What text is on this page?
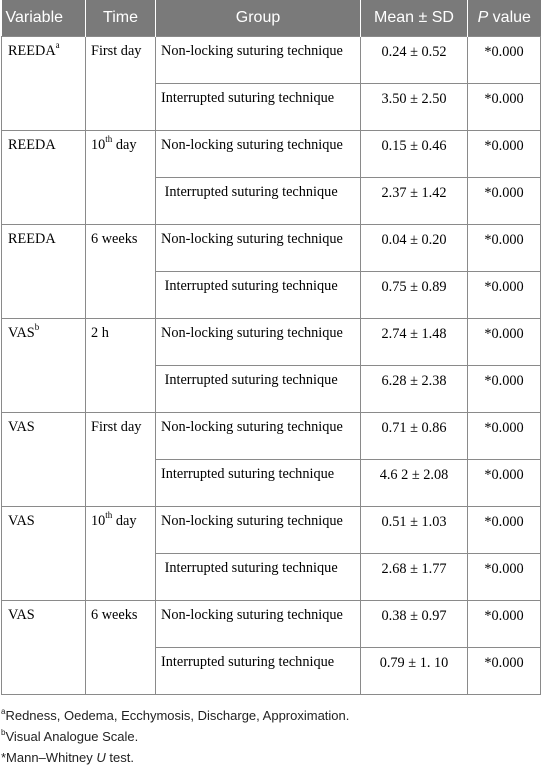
Variable	Time	Group	Mean ± SD	P value
REEDA$^a$	First day	Non-locking suturing technique	0.24 ± 0.52	*0.000
		Interrupted suturing technique	3.50 ± 2.50	*0.000
REEDA	10th day	Non-locking suturing technique	0.15 ± 0.46	*0.000
		Interrupted suturing technique	2.37 ± 1.42	*0.000
REEDA	6 weeks	Non-locking suturing technique	0.04 ± 0.20	*0.000
		Interrupted suturing technique	0.75 ± 0.89	*0.000
VAS$^b$	2 h	Non-locking suturing technique	2.74 ± 1.48	*0.000
		Interrupted suturing technique	6.28 ± 2.38	*0.000
VAS	First day	Non-locking suturing technique	0.71 ± 0.86	*0.000
		Interrupted suturing technique	4.6 2 ± 2.08	*0.000
VAS	10th day	Non-locking suturing technique	0.51 ± 1.03	*0.000
		Interrupted suturing technique	2.68 ± 1.77	*0.000
VAS	6 weeks	Non-locking suturing technique	0.38 ± 0.97	*0.000
		Interrupted suturing technique	0.79 ± 1. 10	*0.000
$^a$Redness, Oedema, Ecchymosis, Discharge, Approximation.
$^b$Visual Analogue Scale.
*Mann–Whitney U test.
